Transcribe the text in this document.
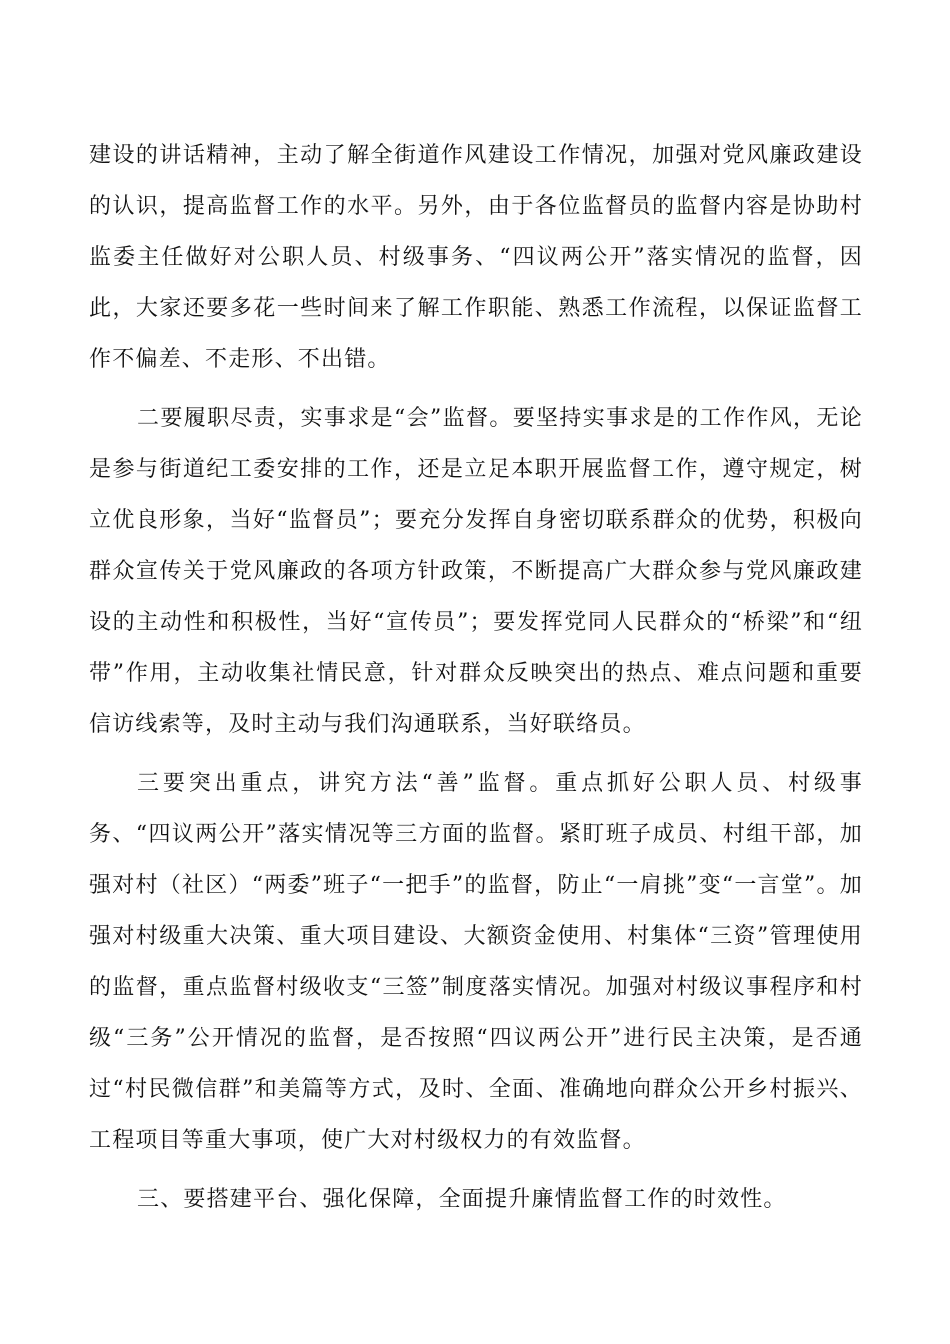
建设的讲话精神，主动了解全街道作风建设工作情况，加强对党风廉政建设的认识，提高监督工作的水平。另外，由于各位监督员的监督内容是协助村监委主任做好对公职人员、村级事务、“四议两公开”落实情况的监督，因此，大家还要多花一些时间来了解工作职能、熟悉工作流程，以保证监督工作不偏差、不走形、不出错。

二要履职尽责，实事求是“会”监督。要坚持实事求是的工作作风，无论是参与街道纪工委安排的工作，还是立足本职开展监督工作，遵守规定，树立优良形象，当好“监督员”；要充分发挥自身密切联系群众的优势，积极向群众宣传关于党风廉政的各项方针政策，不断提高广大群众参与党风廉政建设的主动性和积极性，当好“宣传员”；要发挥党同人民群众的“桥梁”和“纽带”作用，主动收集社情民意，针对群众反映突出的热点、难点问题和重要信访线索等，及时主动与我们沟通联系，当好联络员。

三要突出重点，讲究方法“善”监督。重点抓好公职人员、村级事务、“四议两公开”落实情况等三方面的监督。紧盯班子成员、村组干部，加强对村（社区）“两委”班子“一把手”的监督，防止“一肩挑”变“一言堂”。加强对村级重大决策、重大项目建设、大额资金使用、村集体“三资”管理使用的监督，重点监督村级收支“三签”制度落实情况。加强对村级议事程序和村级“三务”公开情况的监督，是否按照“四议两公开”进行民主决策，是否通过“村民微信群”和美篇等方式，及时、全面、准确地向群众公开乡村振兴、工程项目等重大事项，使广大对村级权力的有效监督。

三、要搭建平台、强化保障，全面提升廉情监督工作的时效性。
